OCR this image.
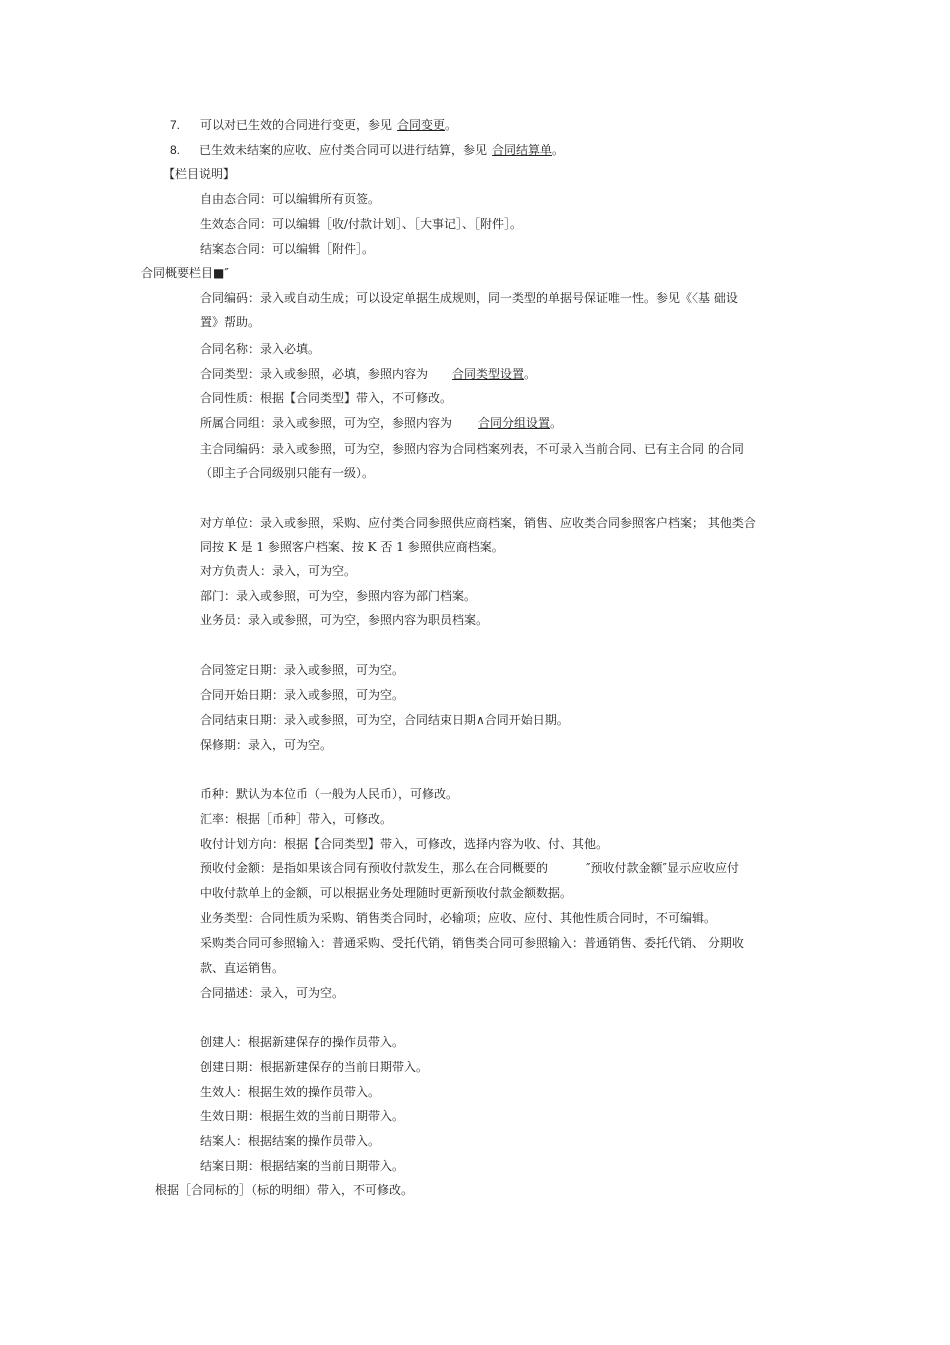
7. 可以对已生效的合同进行变更，参见 合同变更。
8. 已生效未结案的应收、应付类合同可以进行结算，参见 合同结算单。
【栏目说明】
自由态合同：可以编辑所有页签。
生效态合同：可以编辑［收/付款计划］、［大事记］、［附件］。
结案态合同：可以编辑［附件］。
合同概要栏目■″
合同编码：录入或自动生成；可以设定单据生成规则，同一类型的单据号保证唯一性。参见《〈基 础设
置》帮助。
合同名称：录入必填。
合同类型：录入或参照，必填，参照内容为 合同类型设置。
合同性质：根据【合同类型】带入，不可修改。
所属合同组：录入或参照，可为空，参照内容为 合同分组设置。
主合同编码：录入或参照，可为空，参照内容为合同档案列表，不可录入当前合同、已有主合同 的合同
（即主子合同级别只能有一级）。
对方单位：录入或参照，采购、应付类合同参照供应商档案，销售、应收类合同参照客户档案； 其他类合
同按 K 是 1 参照客户档案、按 K 否 1 参照供应商档案。
对方负责人：录入，可为空。
部门：录入或参照，可为空，参照内容为部门档案。
业务员：录入或参照，可为空，参照内容为职员档案。
合同签定日期：录入或参照，可为空。
合同开始日期：录入或参照，可为空。
合同结束日期：录入或参照，可为空，合同结束日期∧合同开始日期。
保修期：录入，可为空。
币种：默认为本位币（一般为人民币），可修改。
汇率：根据［币种］带入，可修改。
收付计划方向：根据【合同类型】带入，可修改，选择内容为收、付、其他。
预收付金额：是指如果该合同有预收付款发生，那么在合同概要的	″预收付款金额″显示应收应付
中收付款单上的金额，可以根据业务处理随时更新预收付款金额数据。
业务类型：合同性质为采购、销售类合同时，必输项；应收、应付、其他性质合同时，不可编辑。
采购类合同可参照输入：普通采购、受托代销，销售类合同可参照输入：普通销售、委托代销、 分期收
款、直运销售。
合同描述：录入，可为空。
创建人：根据新建保存的操作员带入。
创建日期：根据新建保存的当前日期带入。
生效人：根据生效的操作员带入。
生效日期：根据生效的当前日期带入。
结案人：根据结案的操作员带入。
结案日期：根据结案的当前日期带入。
根据［合同标的］（标的明细）带入，不可修改。
